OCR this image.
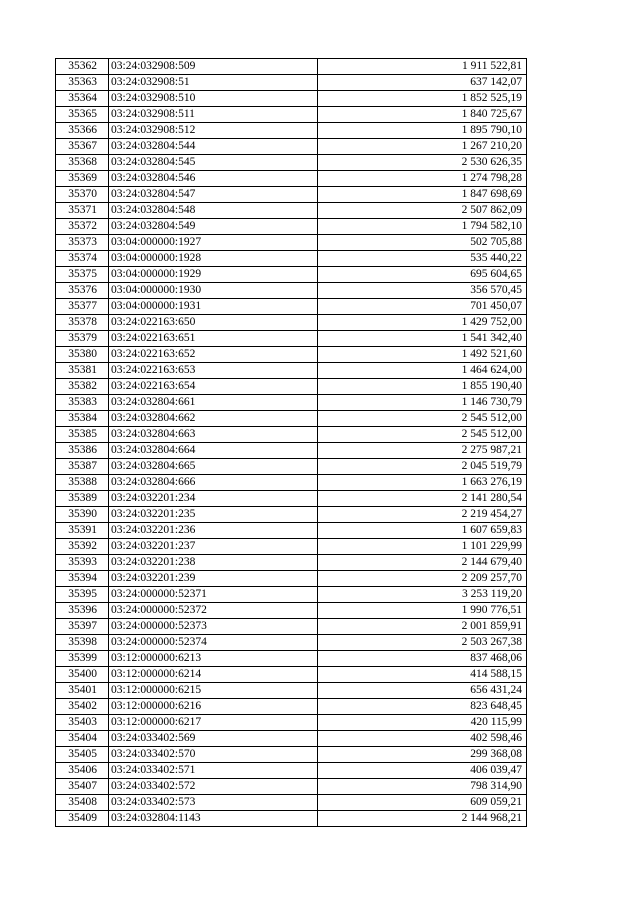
35362	03:24:032908:509	1 911 522,81
35363	03:24:032908:51	637 142,07
35364	03:24:032908:510	1 852 525,19
35365	03:24:032908:511	1 840 725,67
35366	03:24:032908:512	1 895 790,10
35367	03:24:032804:544	1 267 210,20
35368	03:24:032804:545	2 530 626,35
35369	03:24:032804:546	1 274 798,28
35370	03:24:032804:547	1 847 698,69
35371	03:24:032804:548	2 507 862,09
35372	03:24:032804:549	1 794 582,10
35373	03:04:000000:1927	502 705,88
35374	03:04:000000:1928	535 440,22
35375	03:04:000000:1929	695 604,65
35376	03:04:000000:1930	356 570,45
35377	03:04:000000:1931	701 450,07
35378	03:24:022163:650	1 429 752,00
35379	03:24:022163:651	1 541 342,40
35380	03:24:022163:652	1 492 521,60
35381	03:24:022163:653	1 464 624,00
35382	03:24:022163:654	1 855 190,40
35383	03:24:032804:661	1 146 730,79
35384	03:24:032804:662	2 545 512,00
35385	03:24:032804:663	2 545 512,00
35386	03:24:032804:664	2 275 987,21
35387	03:24:032804:665	2 045 519,79
35388	03:24:032804:666	1 663 276,19
35389	03:24:032201:234	2 141 280,54
35390	03:24:032201:235	2 219 454,27
35391	03:24:032201:236	1 607 659,83
35392	03:24:032201:237	1 101 229,99
35393	03:24:032201:238	2 144 679,40
35394	03:24:032201:239	2 209 257,70
35395	03:24:000000:52371	3 253 119,20
35396	03:24:000000:52372	1 990 776,51
35397	03:24:000000:52373	2 001 859,91
35398	03:24:000000:52374	2 503 267,38
35399	03:12:000000:6213	837 468,06
35400	03:12:000000:6214	414 588,15
35401	03:12:000000:6215	656 431,24
35402	03:12:000000:6216	823 648,45
35403	03:12:000000:6217	420 115,99
35404	03:24:033402:569	402 598,46
35405	03:24:033402:570	299 368,08
35406	03:24:033402:571	406 039,47
35407	03:24:033402:572	798 314,90
35408	03:24:033402:573	609 059,21
35409	03:24:032804:1143	2 144 968,21
